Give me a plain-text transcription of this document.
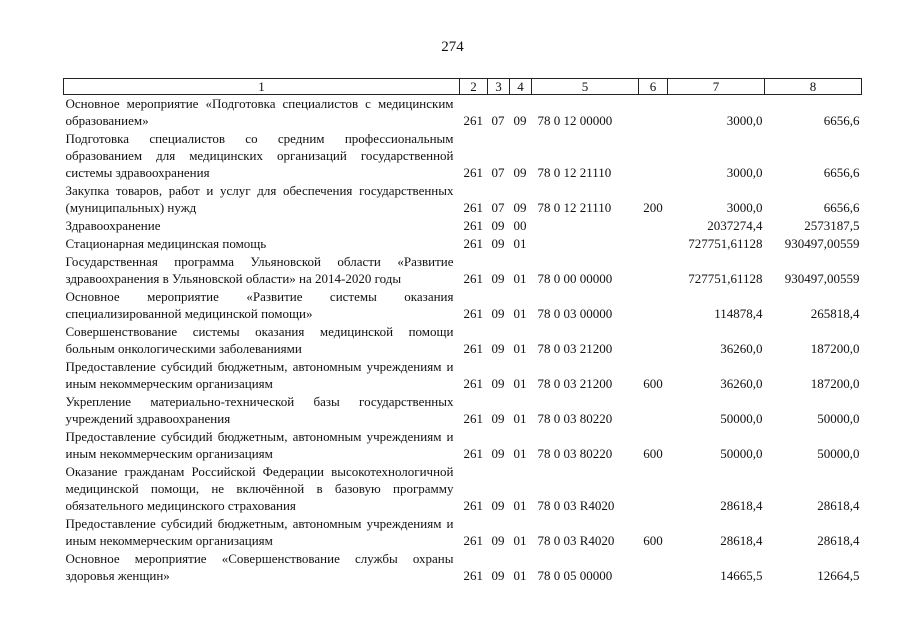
274
1	2	3	4	5	6	7	8
Основное мероприятие «Подготовка специалистов с медицинским образованием»	261	07	09	78 0 12 00000		3000,0	6656,6
Подготовка специалистов со средним профессиональным образованием для медицинских организаций государственной системы здравоохранения	261	07	09	78 0 12 21110		3000,0	6656,6
Закупка товаров, работ и услуг для обеспечения государственных (муниципальных) нужд	261	07	09	78 0 12 21110	200	3000,0	6656,6
Здравоохранение	261	09	00			2037274,4	2573187,5
Стационарная медицинская помощь	261	09	01			727751,61128	930497,00559
Государственная программа Ульяновской области «Развитие здравоохранения в Ульяновской области» на 2014-2020 годы	261	09	01	78 0 00 00000		727751,61128	930497,00559
Основное мероприятие «Развитие системы оказания специализированной медицинской помощи»	261	09	01	78 0 03 00000		114878,4	265818,4
Совершенствование системы оказания медицинской помощи больным онкологическими заболеваниями	261	09	01	78 0 03 21200		36260,0	187200,0
Предоставление субсидий бюджетным, автономным учреждениям и иным некоммерческим организациям	261	09	01	78 0 03 21200	600	36260,0	187200,0
Укрепление материально-технической базы государственных учреждений здравоохранения	261	09	01	78 0 03 80220		50000,0	50000,0
Предоставление субсидий бюджетным, автономным учреждениям и иным некоммерческим организациям	261	09	01	78 0 03 80220	600	50000,0	50000,0
Оказание гражданам Российской Федерации высокотехнологичной медицинской помощи, не включённой в базовую программу обязательного медицинского страхования	261	09	01	78 0 03 R4020		28618,4	28618,4
Предоставление субсидий бюджетным, автономным учреждениям и иным некоммерческим организациям	261	09	01	78 0 03 R4020	600	28618,4	28618,4
Основное мероприятие «Совершенствование службы охраны здоровья женщин»	261	09	01	78 0 05 00000		14665,5	12664,5
